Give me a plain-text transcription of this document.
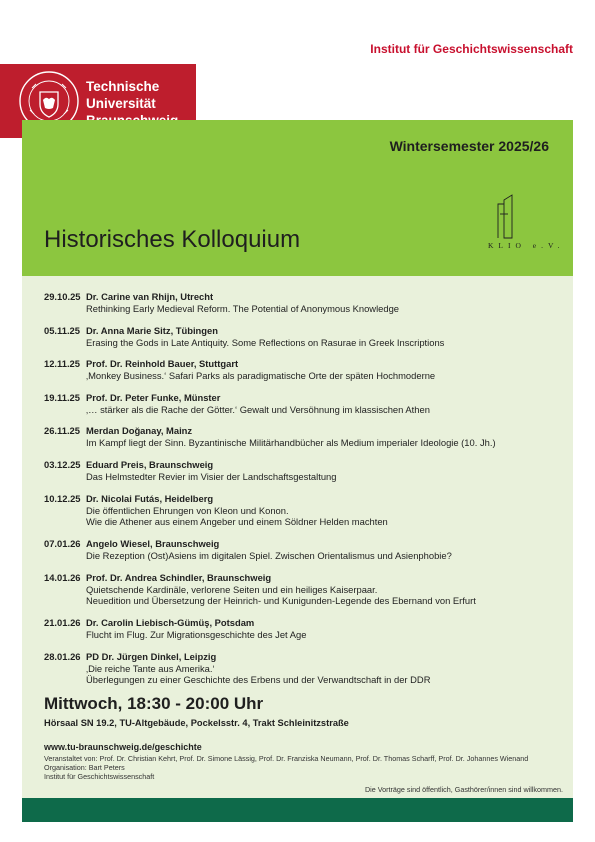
Institut für Geschichtswissenschaft
Technische
Universität
Wintersemester 2025/26
KLIO e.V.
Historisches Kolloquium
29.10.25 Dr. Carine van Rhijn, Utrecht
Rethinking Early Medieval Reform. The Potential of Anonymous Knowledge
05.11.25 Dr. Anna Marie Sitz, Tübingen
Erasing the Gods in Late Antiquity. Some Reflections on Rasurae in Greek Inscriptions
12.11.25 Prof. Dr. Reinhold Bauer, Stuttgart
‚Monkey Business.‘ Safari Parks als paradigmatische Orte der späten Hochmoderne
19.11.25 Prof. Dr. Peter Funke, Münster
‚… stärker als die Rache der Götter.‘ Gewalt und Versöhnung im klassischen Athen
26.11.25 Merdan Doğanay, Mainz
Im Kampf liegt der Sinn. Byzantinische Militärhandbücher als Medium imperialer Ideologie (10. Jh.)
03.12.25 Eduard Preis, Braunschweig
Das Helmstedter Revier im Visier der Landschaftsgestaltung
10.12.25 Dr. Nicolai Futás, Heidelberg
Die öffentlichen Ehrungen von Kleon und Konon.
Wie die Athener aus einem Angeber und einem Söldner Helden machten
07.01.26 Angelo Wiesel, Braunschweig
Die Rezeption (Ost)Asiens im digitalen Spiel. Zwischen Orientalismus und Asienphobie?
14.01.26 Prof. Dr. Andrea Schindler, Braunschweig
Quietschende Kardinäle, verlorene Seiten und ein heiliges Kaiserpaar.
Neuedition und Übersetzung der Heinrich- und Kunigunden-Legende des Ebernand von Erfurt
21.01.26 Dr. Carolin Liebisch-Gümüş, Potsdam
Flucht im Flug. Zur Migrationsgeschichte des Jet Age
28.01.26 PD Dr. Jürgen Dinkel, Leipzig
‚Die reiche Tante aus Amerika.‘
Überlegungen zu einer Geschichte des Erbens und der Verwandtschaft in der DDR
Mittwoch, 18:30 - 20:00 Uhr
Hörsaal SN 19.2, TU-Altgebäude, Pockelsstr. 4, Trakt Schleinitzstraße
www.tu-braunschweig.de/geschichte
Veranstaltet von: Prof. Dr. Christian Kehrt, Prof. Dr. Simone Lässig, Prof. Dr. Franziska Neumann, Prof. Dr. Thomas Scharff, Prof. Dr. Johannes Wienand
Organisation: Bart Peters
Institut für Geschichtswissenschaft
Die Vorträge sind öffentlich, Gasthörer/innen sind willkommen.
